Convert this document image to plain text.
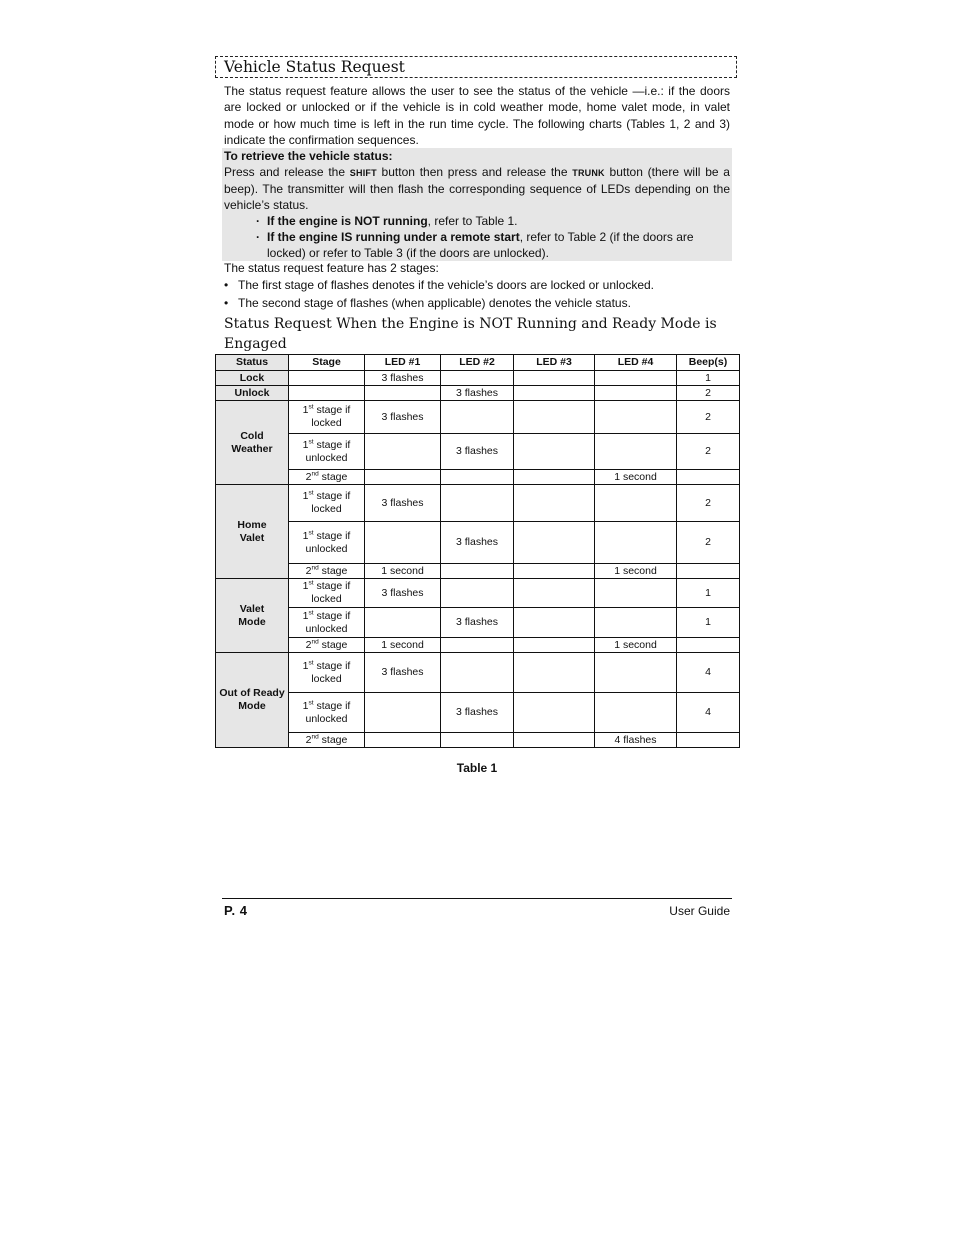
Vehicle Status Request

The status request feature allows the user to see the status of the vehicle —i.e.: if the doors are locked or unlocked or if the vehicle is in cold weather mode, home valet mode, in valet mode or how much time is left in the run time cycle. The following charts (Tables 1, 2 and 3) indicate the confirmation sequences.

To retrieve the vehicle status:
Press and release the SHIFT button then press and release the TRUNK button (there will be a beep). The transmitter will then flash the corresponding sequence of LEDs depending on the vehicle’s status.
· If the engine is NOT running, refer to Table 1.
· If the engine IS running under a remote start, refer to Table 2 (if the doors are locked) or refer to Table 3 (if the doors are unlocked).
The status request feature has 2 stages:
• The first stage of flashes denotes if the vehicle’s doors are locked or unlocked.
• The second stage of flashes (when applicable) denotes the vehicle status.
Status Request When the Engine is NOT Running and Ready Mode is Engaged
Status	Stage	LED #1	LED #2	LED #3	LED #4	Beep(s)
Lock		3 flashes				1
Unlock			3 flashes			2
Cold
Weather	1st stage if
locked	3 flashes				2
	1st stage if
unlocked		3 flashes			2
	2nd stage				1 second	
Home
Valet	1st stage if
locked	3 flashes				2
	1st stage if
unlocked		3 flashes			2
	2nd stage	1 second			1 second	
Valet
Mode	1st stage if
locked	3 flashes				1
	1st stage if
unlocked		3 flashes			1
	2nd stage	1 second			1 second	
Out of Ready
Mode	1st stage if
locked	3 flashes				4
	1st stage if
unlocked		3 flashes			4
	2nd stage				4 flashes	
Table 1
P. 4	User Guide
